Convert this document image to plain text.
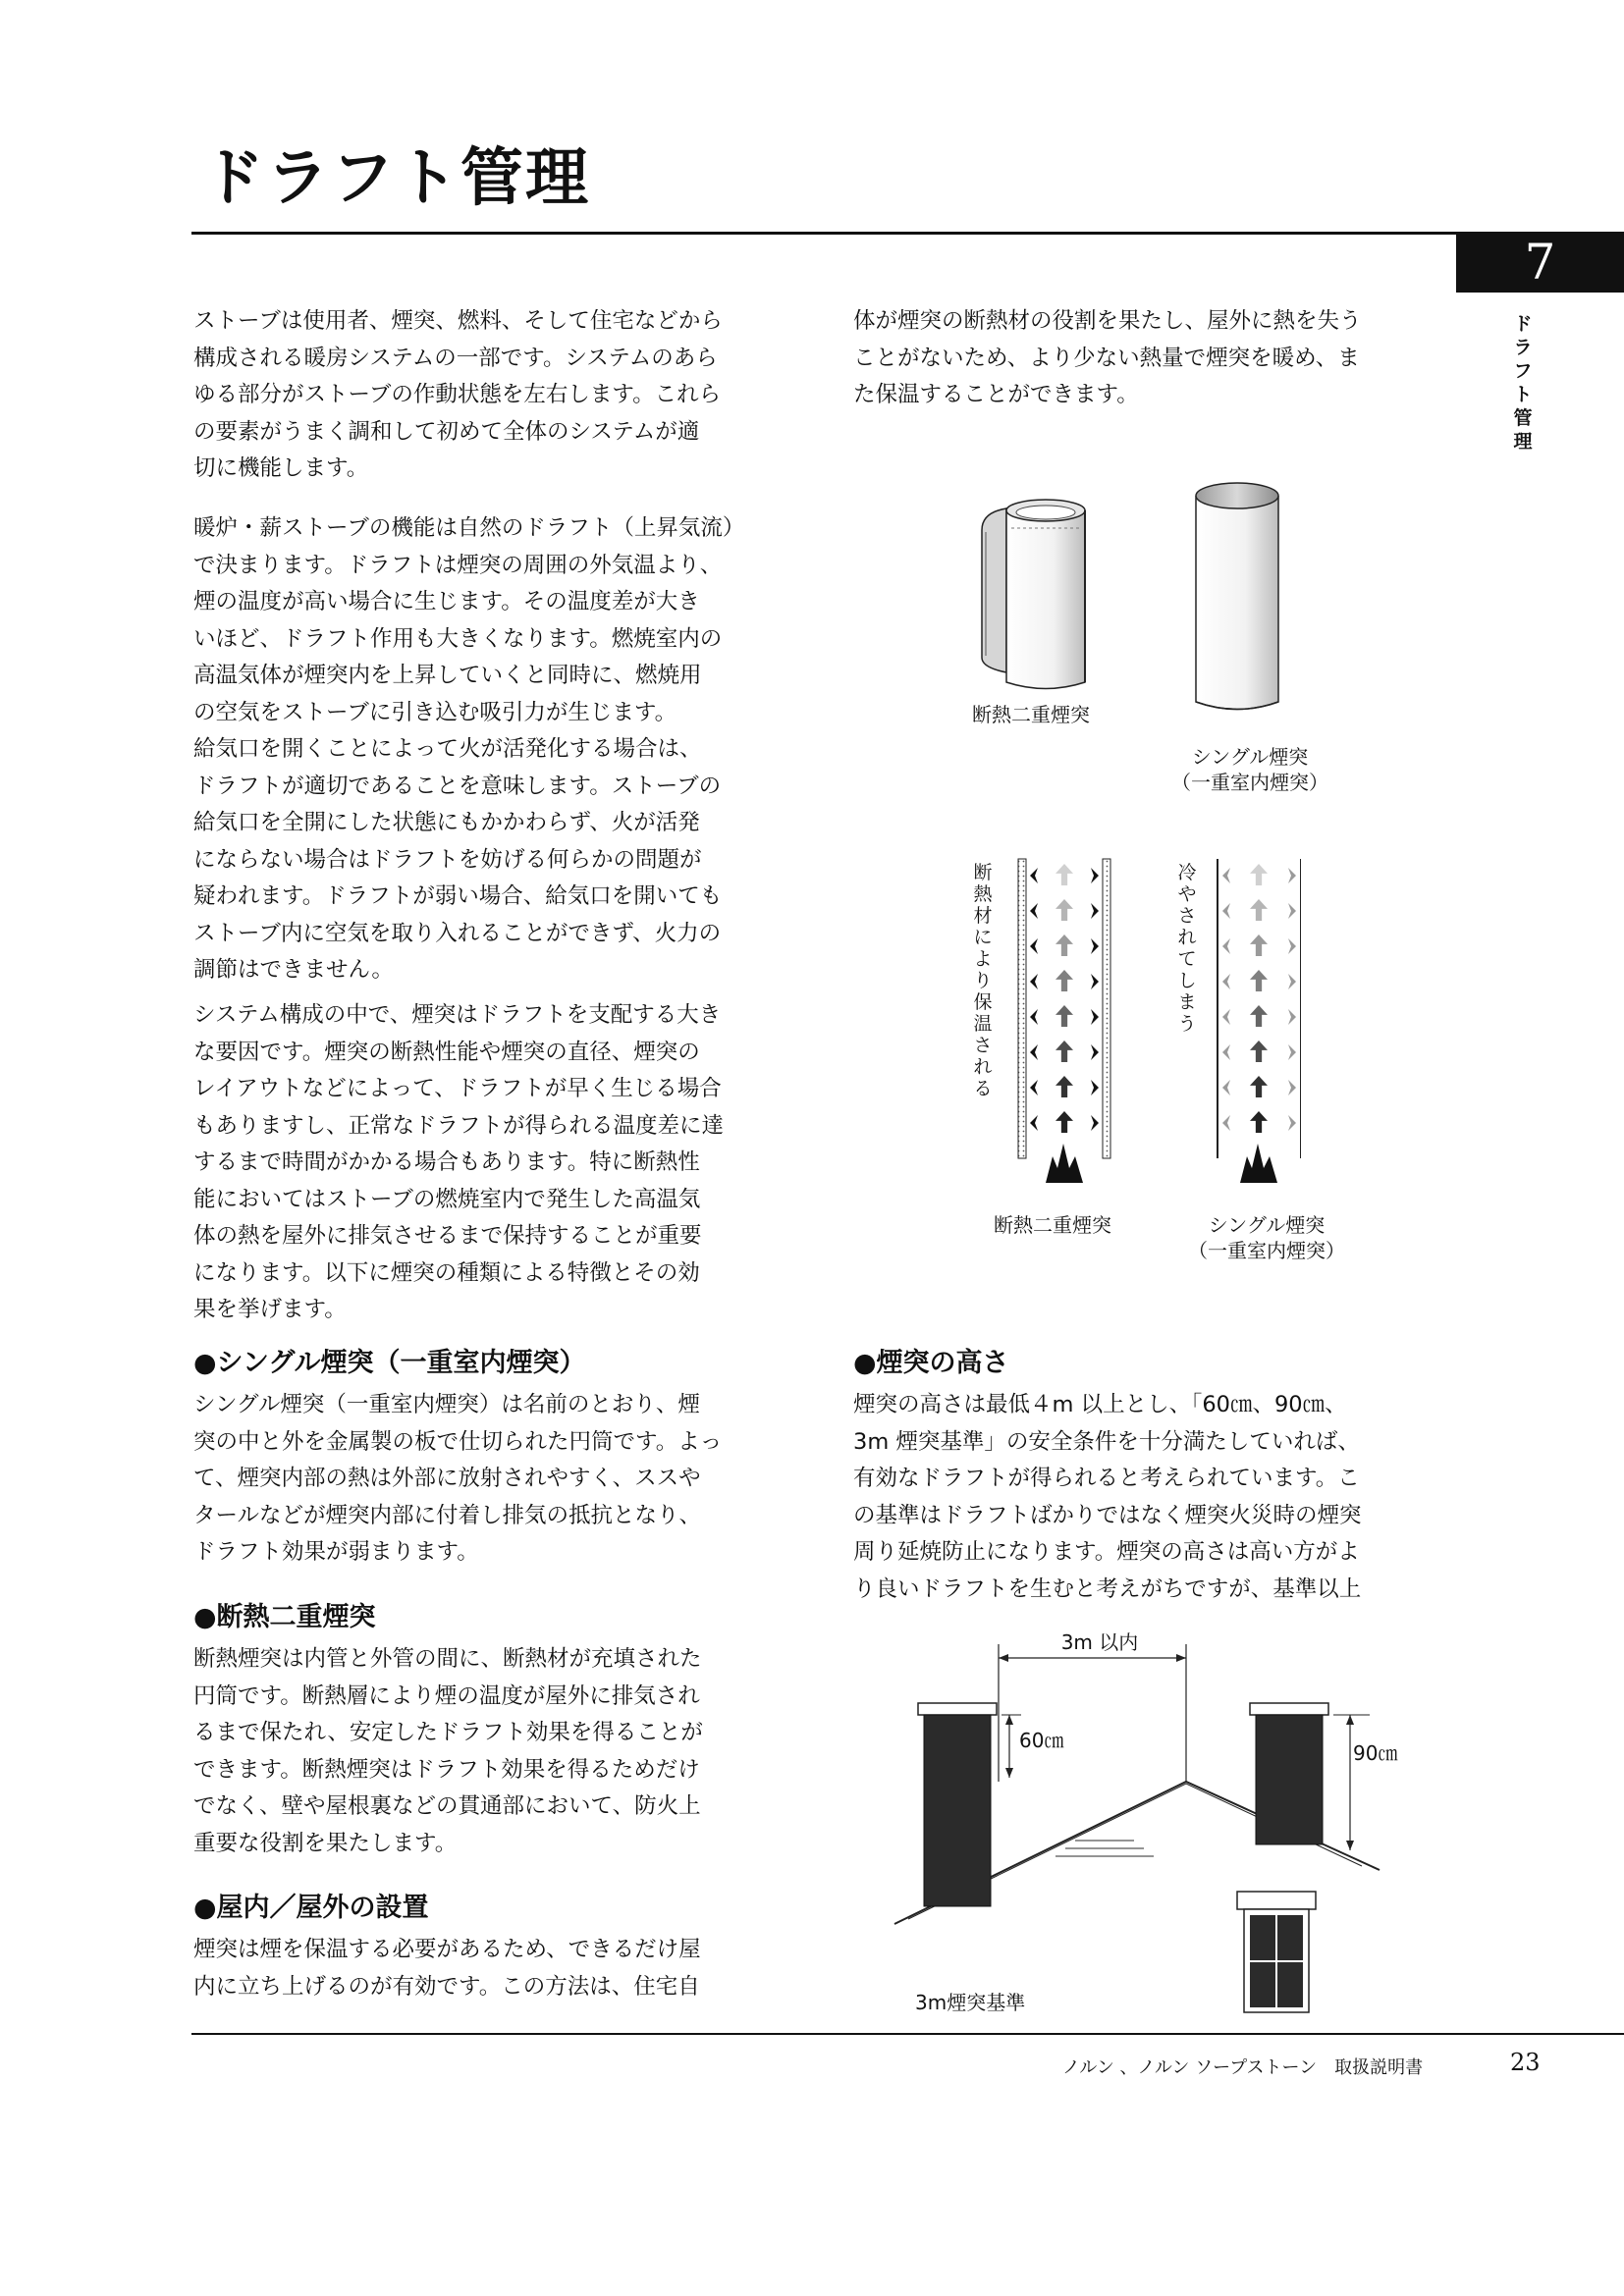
ドラフト管理
7
ド
ラ
フ
ト
管
理
ストーブは使用者、煙突、燃料、そして住宅などから
構成される暖房システムの一部です。システムのあら
ゆる部分がストーブの作動状態を左右します。これら
の要素がうまく調和して初めて全体のシステムが適
切に機能します。
暖炉・薪ストーブの機能は自然のドラフト（上昇気流）
で決まります。ドラフトは煙突の周囲の外気温より、
煙の温度が高い場合に生じます。その温度差が大き
いほど、ドラフト作用も大きくなります。燃焼室内の
高温気体が煙突内を上昇していくと同時に、燃焼用
の空気をストーブに引き込む吸引力が生じます。
給気口を開くことによって火が活発化する場合は、
ドラフトが適切であることを意味します。ストーブの
給気口を全開にした状態にもかかわらず、火が活発
にならない場合はドラフトを妨げる何らかの問題が
疑われます。ドラフトが弱い場合、給気口を開いても
ストーブ内に空気を取り入れることができず、火力の
調節はできません。
システム構成の中で、煙突はドラフトを支配する大き
な要因です。煙突の断熱性能や煙突の直径、煙突の
レイアウトなどによって、ドラフトが早く生じる場合
もありますし、正常なドラフトが得られる温度差に達
するまで時間がかかる場合もあります。特に断熱性
能においてはストーブの燃焼室内で発生した高温気
体の熱を屋外に排気させるまで保持することが重要
になります。以下に煙突の種類による特徴とその効
果を挙げます。
●シングル煙突（一重室内煙突）
シングル煙突（一重室内煙突）は名前のとおり、煙
突の中と外を金属製の板で仕切られた円筒です。よっ
て、煙突内部の熱は外部に放射されやすく、ススや
タールなどが煙突内部に付着し排気の抵抗となり、
ドラフト効果が弱まります。
●断熱二重煙突
断熱煙突は内管と外管の間に、断熱材が充填された
円筒です。断熱層により煙の温度が屋外に排気され
るまで保たれ、安定したドラフト効果を得ることが
できます。断熱煙突はドラフト効果を得るためだけ
でなく、壁や屋根裏などの貫通部において、防火上
重要な役割を果たします。
●屋内／屋外の設置
煙突は煙を保温する必要があるため、できるだけ屋
内に立ち上げるのが有効です。この方法は、住宅自
体が煙突の断熱材の役割を果たし、屋外に熱を失う
ことがないため、より少ない熱量で煙突を暖め、ま
た保温することができます。
断熱二重煙突
シングル煙突
（一重室内煙突）
断
熱
材
に
よ
り
保
温
さ
れ
る
冷
や
さ
れ
て
し
ま
う
断熱二重煙突	シングル煙突
（一重室内煙突）
●煙突の高さ
煙突の高さは最低４m 以上とし、「60㎝、90㎝、
3m 煙突基準」の安全条件を十分満たしていれば、
有効なドラフトが得られると考えられています。こ
の基準はドラフトばかりではなく煙突火災時の煙突
周り延焼防止になります。煙突の高さは高い方がよ
り良いドラフトを生むと考えがちですが、基準以上
3m 以内
60㎝
90㎝
3m煙突基準
ノルン 、ノルン ソープストーン　取扱説明書	23
